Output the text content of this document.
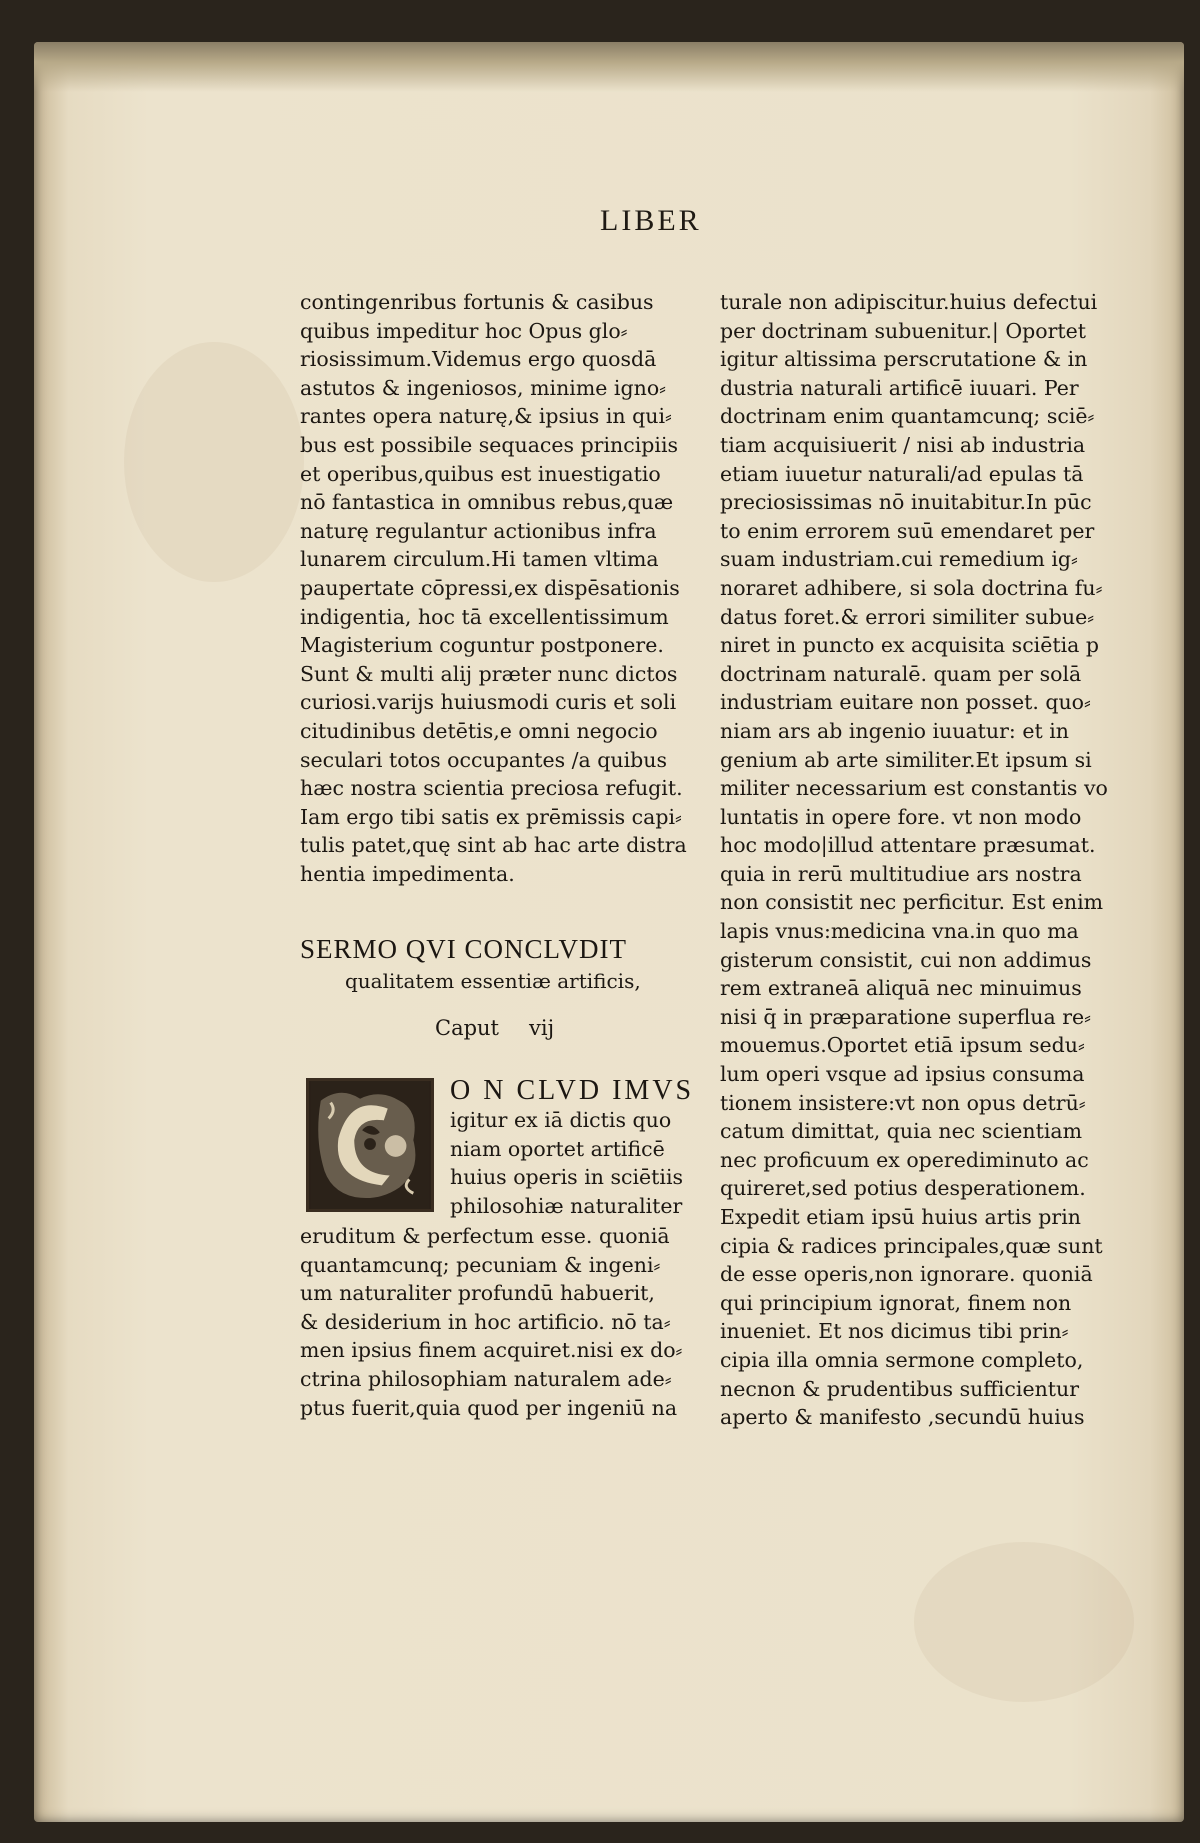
LIBER
contingenribus fortunis & casibus
quibus impeditur hoc Opus glo⸗
riosissimum.Videmus ergo quosdā
astutos & ingeniosos, minime igno⸗
rantes opera naturę,& ipsius in qui⸗
bus est possibile sequaces principiis
et operibus,quibus est inuestigatio
nō fantastica in omnibus rebus,quæ
naturę regulantur actionibus infra
lunarem circulum.Hi tamen vltima
paupertate cōpressi,ex dispēsationis
indigentia, hoc tā excellentissimum
Magisterium coguntur postponere.
Sunt & multi alij præter nunc dictos
curiosi.varijs huiusmodi curis et soli
citudinibus detētis,e omni negocio
seculari totos occupantes /a quibus
hæc nostra scientia preciosa refugit.
Iam ergo tibi satis ex prēmissis capi⸗
tulis patet,quę sint ab hac arte distra
hentia impedimenta.
SERMO QVI CONCLVDIT
qualitatem essentiæ artificis,
Caput vij
O N CLVD IMVS
igitur ex iā dictis quo
niam oportet artificē
huius operis in sciētiis
philosohiæ naturaliter
eruditum & perfectum esse. quoniā
quantamcunq; pecuniam & ingeni⸗
um naturaliter profundū habuerit,
& desiderium in hoc artificio. nō ta⸗
men ipsius finem acquiret.nisi ex do⸗
ctrina philosophiam naturalem ade⸗
ptus fuerit,quia quod per ingeniū na
turale non adipiscitur.huius defectui
per doctrinam subuenitur.| Oportet
igitur altissima perscrutatione & in
dustria naturali artificē iuuari. Per
doctrinam enim quantamcunq; sciē⸗
tiam acquisiuerit / nisi ab industria
etiam iuuetur naturali/ad epulas tā
preciosissimas nō inuitabitur.In pūc
to enim errorem suū emendaret per
suam industriam.cui remedium ig⸗
noraret adhibere, si sola doctrina fu⸗
datus foret.& errori similiter subue⸗
niret in puncto ex acquisita sciētia p
doctrinam naturalē. quam per solā
industriam euitare non posset. quo⸗
niam ars ab ingenio iuuatur: et in
genium ab arte similiter.Et ipsum si
militer necessarium est constantis vo
luntatis in opere fore. vt non modo
hoc modo|illud attentare præsumat.
quia in rerū multitudiue ars nostra
non consistit nec perficitur. Est enim
lapis vnus:medicina vna.in quo ma
gisterum consistit, cui non addimus
rem extraneā aliquā nec minuimus
nisi q̄ in præparatione superflua re⸗
mouemus.Oportet etiā ipsum sedu⸗
lum operi vsque ad ipsius consuma
tionem insistere:vt non opus detrū⸗
catum dimittat, quia nec scientiam
nec proficuum ex operediminuto ac
quireret,sed potius desperationem.
Expedit etiam ipsū huius artis prin
cipia & radices principales,quæ sunt
de esse operis,non ignorare. quoniā
qui principium ignorat, finem non
inueniet. Et nos dicimus tibi prin⸗
cipia illa omnia sermone completo,
necnon & prudentibus sufficientur
aperto & manifesto ,secundū huius
